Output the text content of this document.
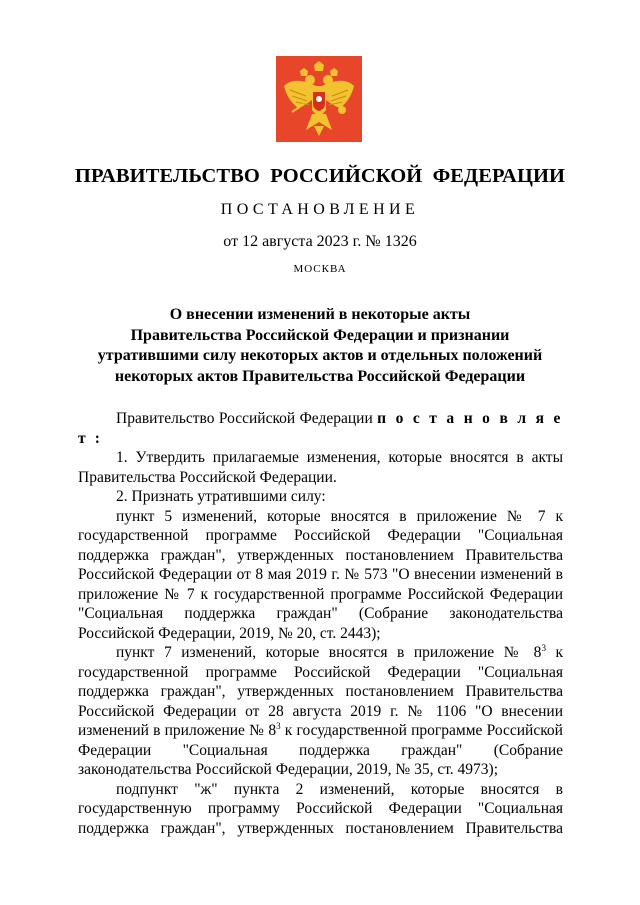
ПРАВИТЕЛЬСТВО РОССИЙСКОЙ ФЕДЕРАЦИИ
ПОСТАНОВЛЕНИЕ
от 12 августа 2023 г. № 1326
МОСКВА
О внесении изменений в некоторые акты
Правительства Российской Федерации и признании
утратившими силу некоторых актов и отдельных положений
некоторых актов Правительства Российской Федерации

Правительство Российской Федерации п о с т а н о в л я е т :

1. Утвердить прилагаемые изменения, которые вносятся в акты Правительства Российской Федерации.

2. Признать утратившими силу:

пункт 5 изменений, которые вносятся в приложение № 7 к государственной программе Российской Федерации "Социальная поддержка граждан", утвержденных постановлением Правительства Российской Федерации от 8 мая 2019 г. № 573 "О внесении изменений в приложение № 7 к государственной программе Российской Федерации "Социальная поддержка граждан" (Собрание законодательства Российской Федерации, 2019, № 20, ст. 2443);

пункт 7 изменений, которые вносятся в приложение № $8^3$ к государственной программе Российской Федерации "Социальная поддержка граждан", утвержденных постановлением Правительства Российской Федерации от 28 августа 2019 г. № 1106 "О внесении изменений в приложение № $8^3$ к государственной программе Российской Федерации "Социальная поддержка граждан" (Собрание законодательства Российской Федерации, 2019, № 35, ст. 4973);

подпункт "ж" пункта 2 изменений, которые вносятся в государственную программу Российской Федерации "Социальная поддержка граждан", утвержденных постановлением Правительства
